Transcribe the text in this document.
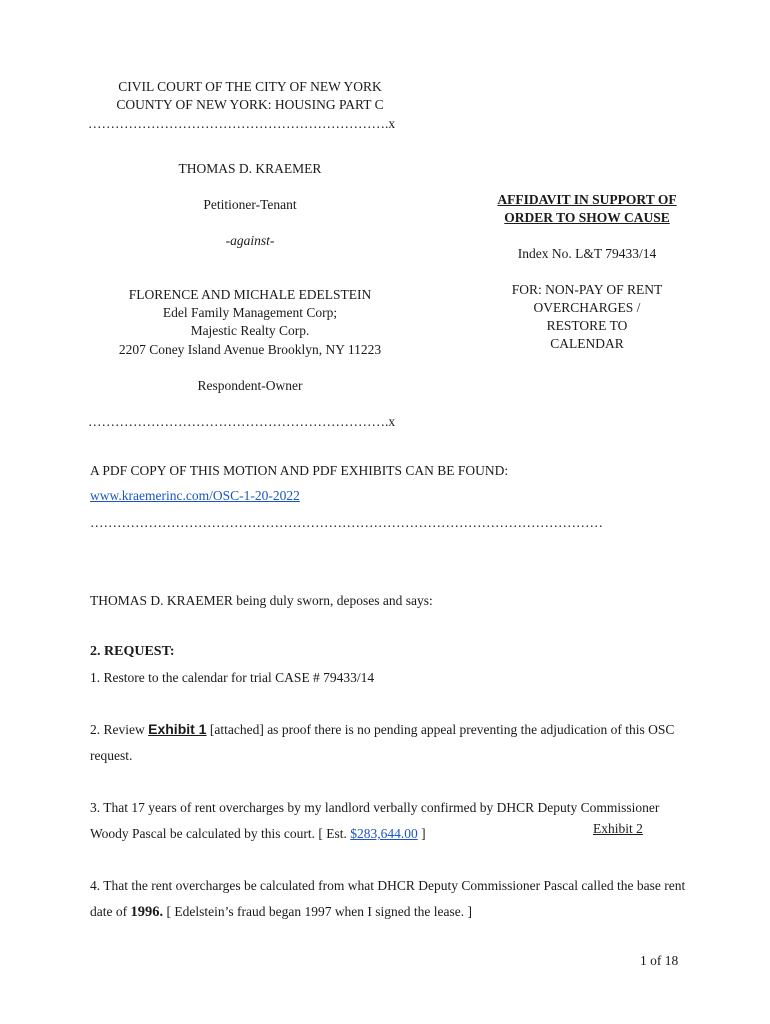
CIVIL COURT OF THE CITY OF NEW YORK
COUNTY OF NEW YORK: HOUSING PART C
………………………………………………………….x
THOMAS D. KRAEMER
Petitioner-Tenant
-against-
FLORENCE AND MICHALE EDELSTEIN
Edel Family Management Corp;
Majestic Realty Corp.
2207 Coney Island Avenue Brooklyn, NY 11223
Respondent-Owner
………………………………………………………….x
AFFIDAVIT IN SUPPORT OF
ORDER TO SHOW CAUSE
Index No. L&T 79433/14
FOR: NON-PAY OF RENT
OVERCHARGES /
RESTORE TO
CALENDAR
A PDF COPY OF THIS MOTION AND PDF EXHIBITS CAN BE FOUND:
www.kraemerinc.com/OSC-1-20-2022
……………………………………………………………………………………………………
THOMAS D. KRAEMER being duly sworn, deposes and says:
2. REQUEST:
1. Restore to the calendar for trial CASE # 79433/14
2. Review Exhibit 1 [attached] as proof there is no pending appeal preventing the adjudication of this OSC request.
3. That 17 years of rent overcharges by my landlord verbally confirmed by DHCR Deputy Commissioner Woody Pascal be calculated by this court. [ Est. $283,644.00 ]	Exhibit 2
4. That the rent overcharges be calculated from what DHCR Deputy Commissioner Pascal called the base rent date of 1996. [ Edelstein’s fraud began 1997 when I signed the lease. ]
1 of 18
